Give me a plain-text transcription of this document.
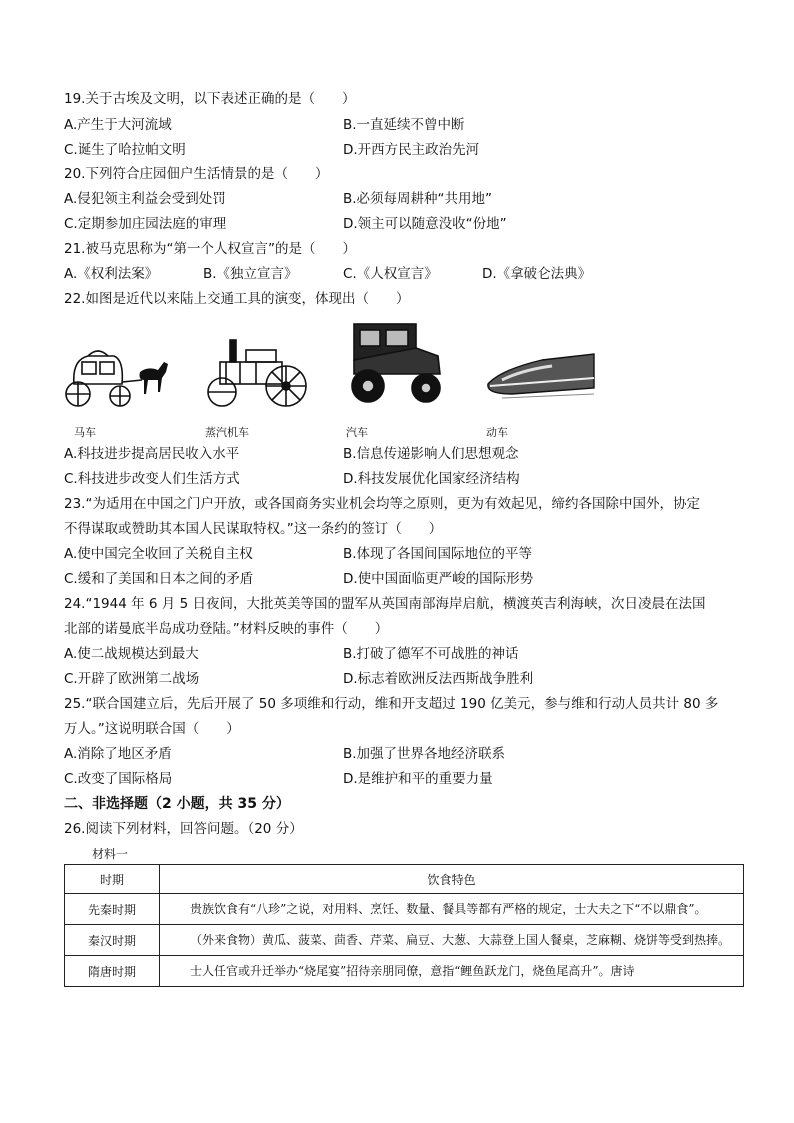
19.关于古埃及文明，以下表述正确的是（　　）
A.产生于大河流域	B.一直延续不曾中断
C.诞生了哈拉帕文明	D.开西方民主政治先河
20.下列符合庄园佃户生活情景的是（　　）
A.侵犯领主利益会受到处罚	B.必须每周耕种“共用地”
C.定期参加庄园法庭的审理	D.领主可以随意没收“份地”
21.被马克思称为“第一个人权宣言”的是（　　）
A.《权利法案》	B.《独立宣言》	C.《人权宣言》	D.《拿破仑法典》
22.如图是近代以来陆上交通工具的演变，体现出（　　）
马车	蒸汽机车	汽车	动车
A.科技进步提高居民收入水平	B.信息传递影响人们思想观念
C.科技进步改变人们生活方式	D.科技发展优化国家经济结构
23.“为适用在中国之门户开放，或各国商务实业机会均等之原则，更为有效起见，缔约各国除中国外，协定
不得谋取或赞助其本国人民谋取特权。”这一条约的签订（　　）
A.使中国完全收回了关税自主权	B.体现了各国间国际地位的平等
C.缓和了美国和日本之间的矛盾	D.使中国面临更严峻的国际形势
24.“1944 年 6 月 5 日夜间，大批英美等国的盟军从英国南部海岸启航，横渡英吉利海峡，次日凌晨在法国
北部的诺曼底半岛成功登陆。”材料反映的事件（　　）
A.使二战规模达到最大	B.打破了德军不可战胜的神话
C.开辟了欧洲第二战场	D.标志着欧洲反法西斯战争胜利
25.“联合国建立后，先后开展了 50 多项维和行动，维和开支超过 190 亿美元，参与维和行动人员共计 80 多
万人。”这说明联合国（　　）
A.消除了地区矛盾	B.加强了世界各地经济联系
C.改变了国际格局	D.是维护和平的重要力量
二、非选择题（2 小题，共 35 分）
26.阅读下列材料，回答问题。（20 分）
材料一
时期	饮食特色
先秦时期	贵族饮食有“八珍”之说，对用料、烹饪、数量、餐具等都有严格的规定，士大夫之下“不以鼎食”。
秦汉时期	（外来食物）黄瓜、菠菜、茴香、芹菜、扁豆、大葱、大蒜登上国人餐桌，芝麻糊、烧饼等受到热捧。
隋唐时期	士人任官或升迁举办“烧尾宴”招待亲朋同僚，意指“鲤鱼跃龙门，烧鱼尾高升”。唐诗
